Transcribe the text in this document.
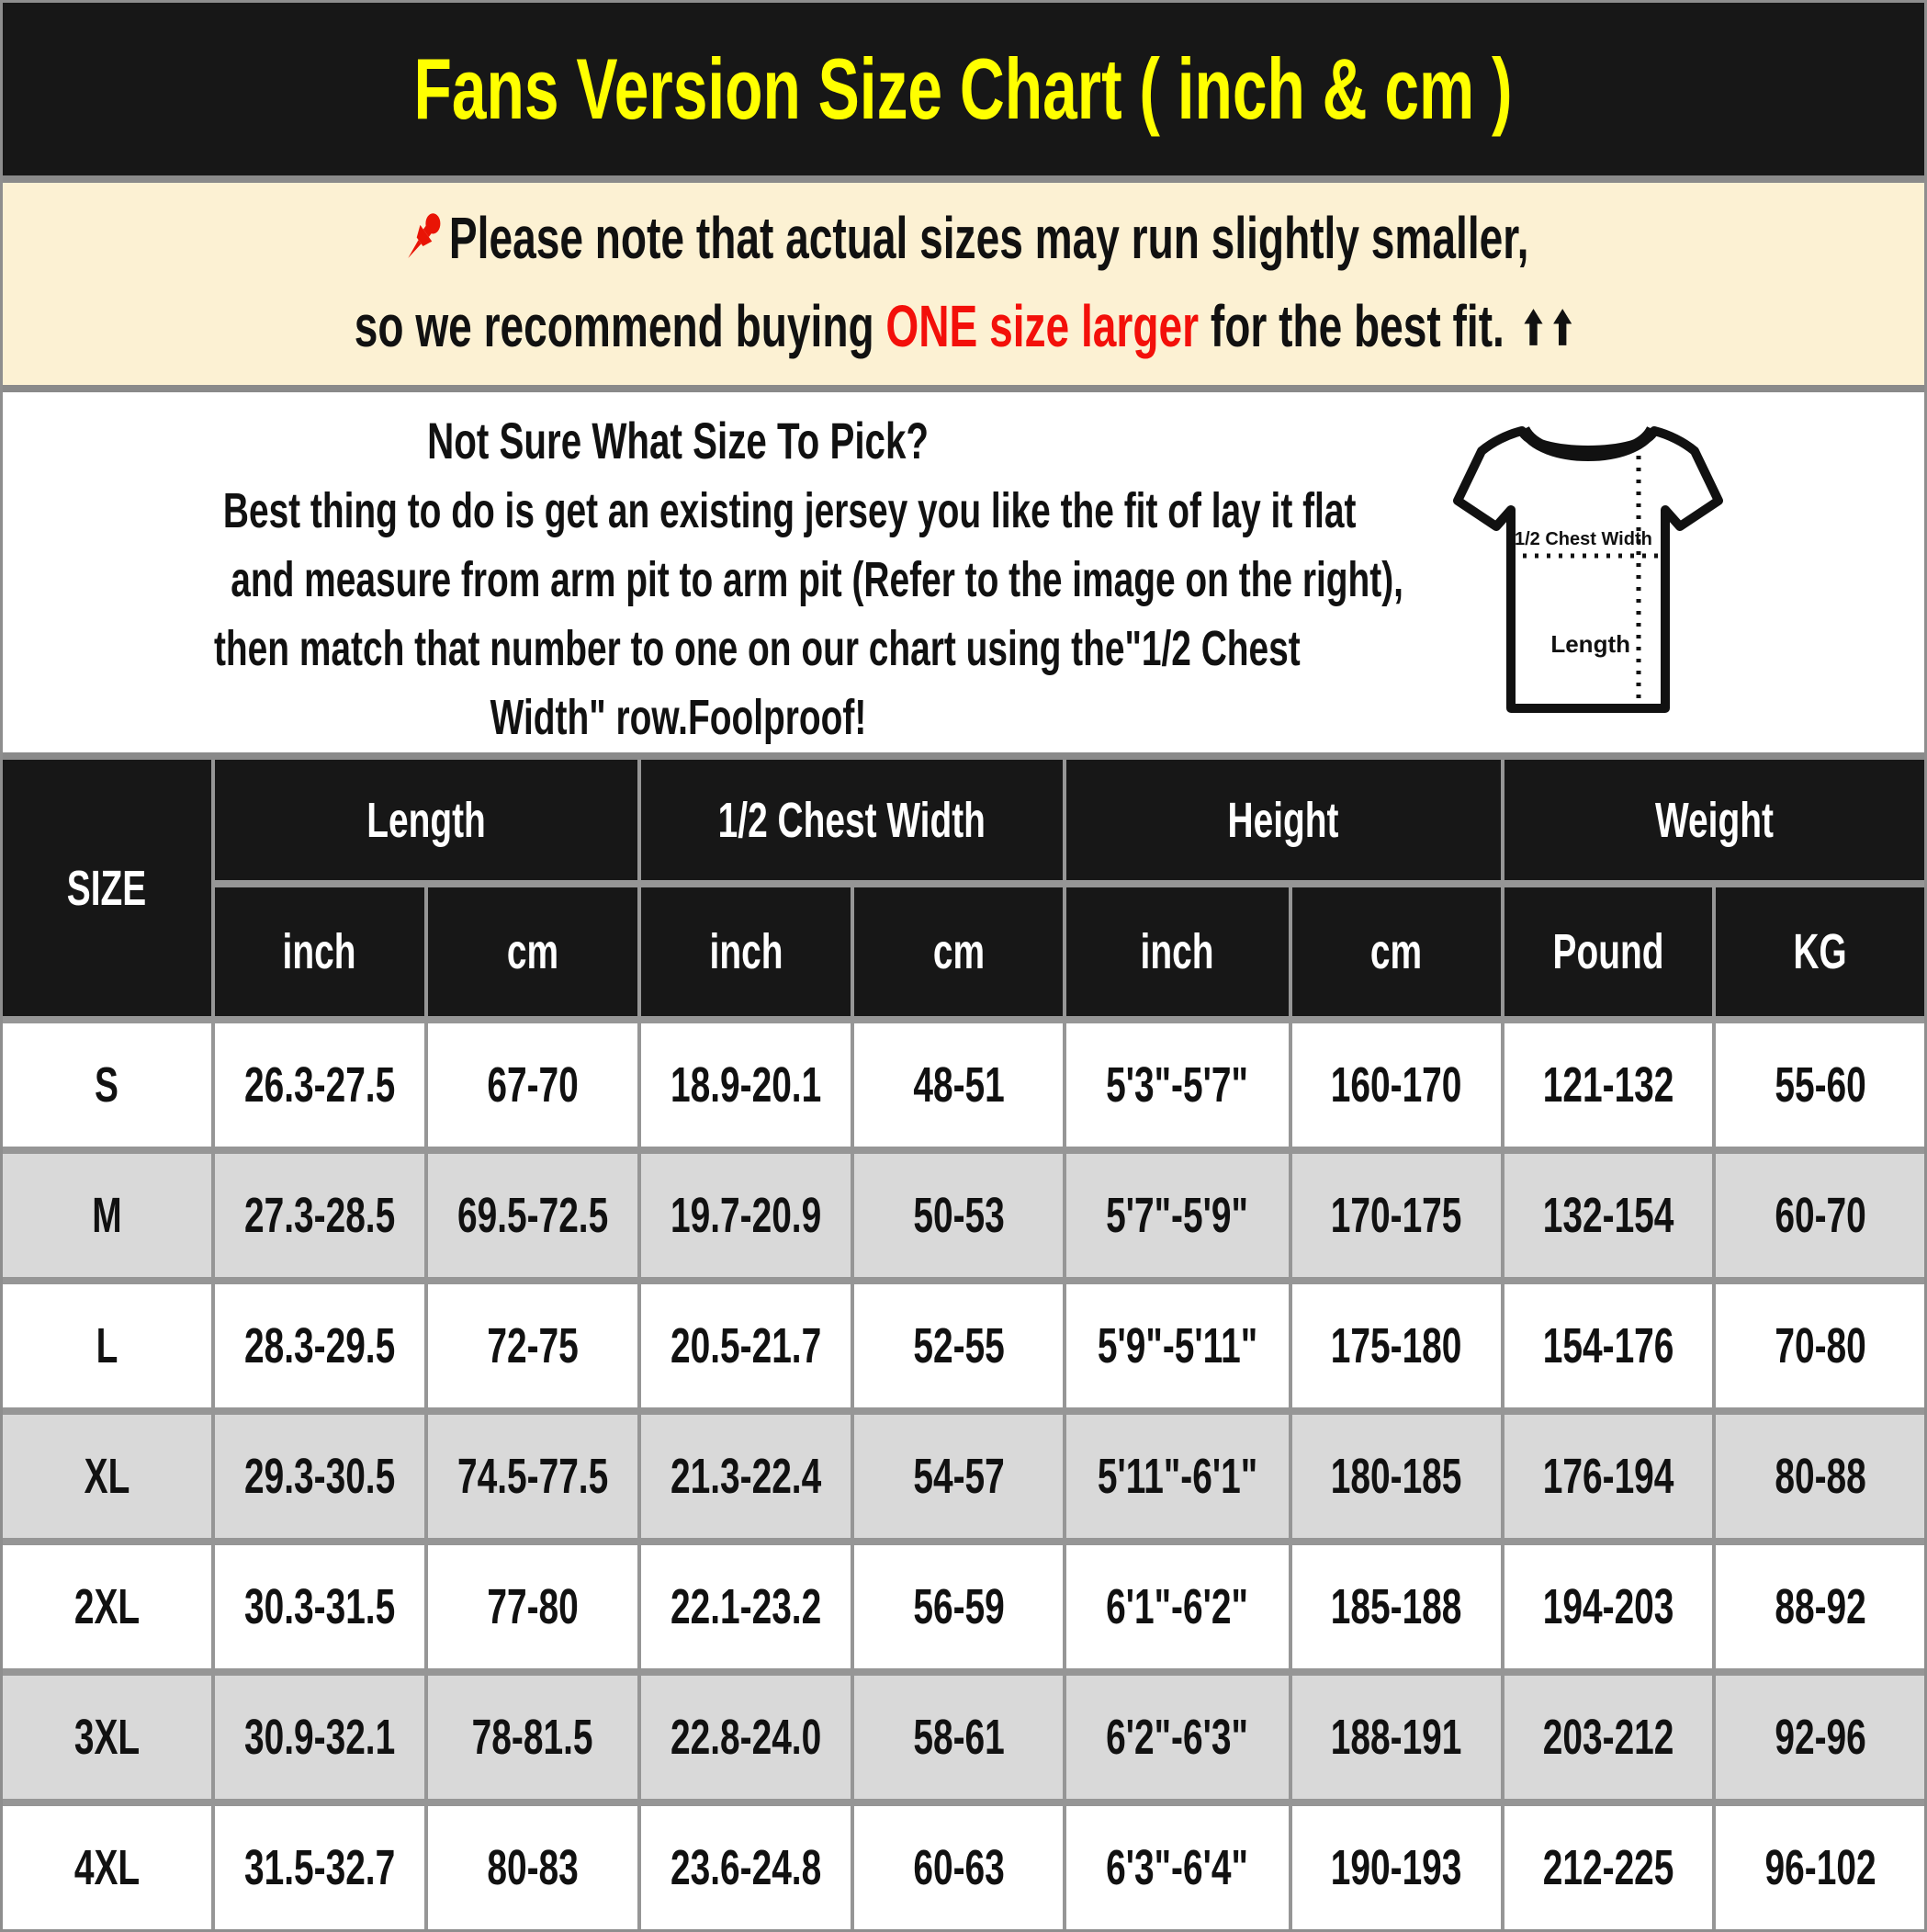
Fans Version Size Chart ( inch & cm )
Please note that actual sizes may run slightly smaller,
so we recommend buying ONE size larger for the best fit.
Not Sure What Size To Pick?
Best thing to do is get an existing jersey you like the fit of lay it flat
and measure from arm pit to arm pit (Refer to the image on the right),
then match that number to one on our chart using the"1/2 Chest
Width" row.Foolproof!
1/2 Chest Width
Length
SIZE
Length	1/2 Chest Width	Height	Weight
inch	cm	inch	cm	inch	cm	Pound	KG
S	26.3-27.5 67-70 18.9-20.1 48-51 5'3"-5'7" 160-170 121-132 55-60
M 27.3-28.5 69.5-72.5 19.7-20.9 50-53 5'7"-5'9" 170-175 132-154 60-70
L	28.3-29.5 72-75 20.5-21.7 52-55 5'9"-5'11" 175-180 154-176 70-80
XL 29.3-30.5 74.5-77.5 21.3-22.4 54-57 5'11"-6'1" 180-185 176-194 80-88
2XL 30.3-31.5 77-80 22.1-23.2 56-59 6'1"-6'2" 185-188 194-203 88-92
3XL 30.9-32.1 78-81.5 22.8-24.0 58-61 6'2"-6'3" 188-191 203-212 92-96
4XL 31.5-32.7 80-83 23.6-24.8 60-63 6'3"-6'4" 190-193 212-225 96-102
